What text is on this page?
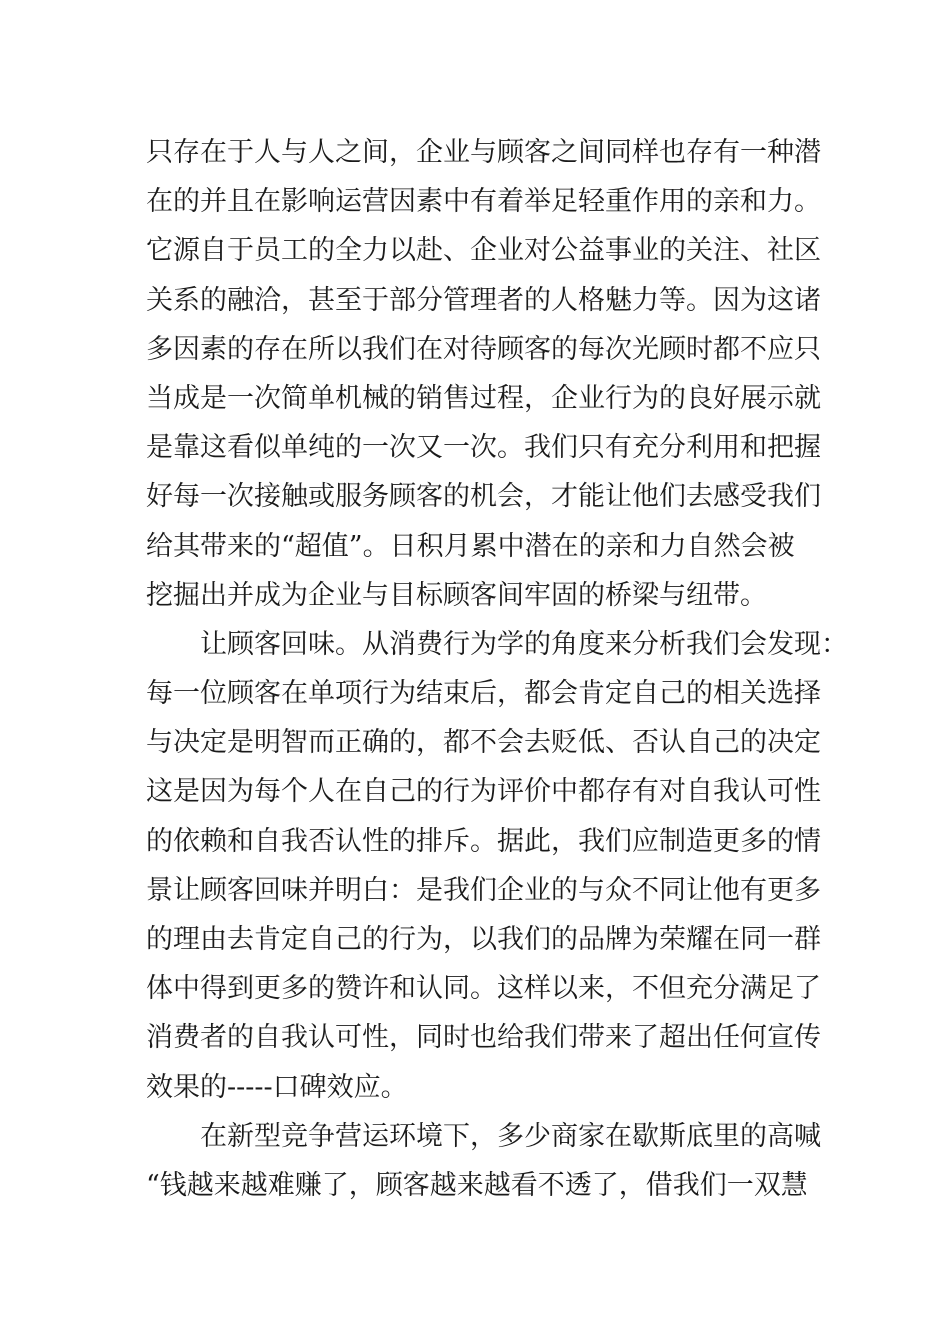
只存在于人与人之间，企业与顾客之间同样也存有一种潜
在的并且在影响运营因素中有着举足轻重作用的亲和力。
它源自于员工的全力以赴、企业对公益事业的关注、社区
关系的融洽，甚至于部分管理者的人格魅力等。因为这诸
多因素的存在所以我们在对待顾客的每次光顾时都不应只
当成是一次简单机械的销售过程，企业行为的良好展示就
是靠这看似单纯的一次又一次。我们只有充分利用和把握
好每一次接触或服务顾客的机会，才能让他们去感受我们
给其带来的“超值”。日积月累中潜在的亲和力自然会被
挖掘出并成为企业与目标顾客间牢固的桥梁与纽带。
让顾客回味。从消费行为学的角度来分析我们会发现：
每一位顾客在单项行为结束后，都会肯定自己的相关选择
与决定是明智而正确的，都不会去贬低、否认自己的决定
这是因为每个人在自己的行为评价中都存有对自我认可性
的依赖和自我否认性的排斥。据此，我们应制造更多的情
景让顾客回味并明白：是我们企业的与众不同让他有更多
的理由去肯定自己的行为，以我们的品牌为荣耀在同一群
体中得到更多的赞许和认同。这样以来，不但充分满足了
消费者的自我认可性，同时也给我们带来了超出任何宣传
效果的-----口碑效应。
在新型竞争营运环境下，多少商家在歇斯底里的高喊
“钱越来越难赚了，顾客越来越看不透了，借我们一双慧
